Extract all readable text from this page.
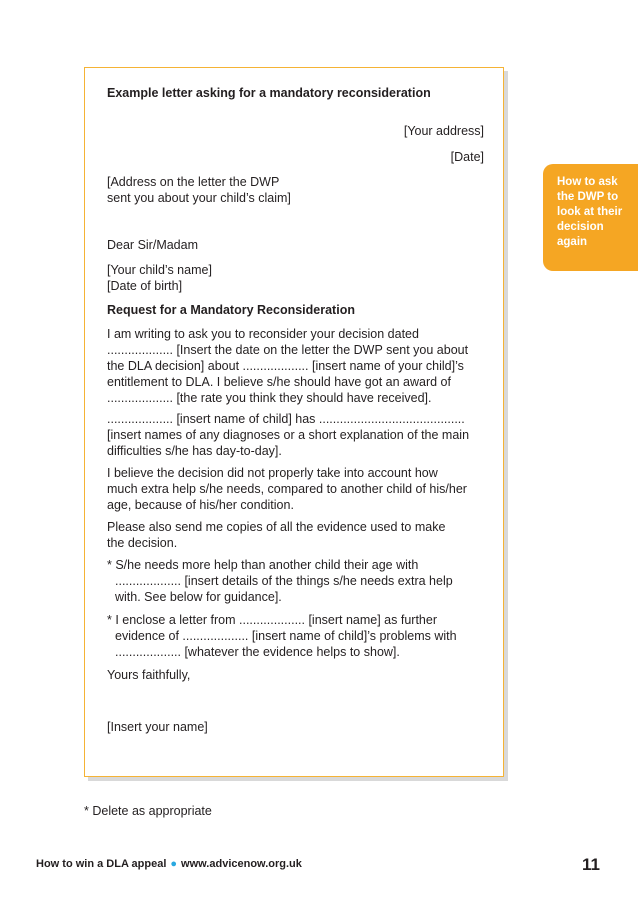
Example letter asking for a mandatory reconsideration
[Your address]
[Date]
[Address on the letter the DWP
sent you about your child’s claim]
Dear Sir/Madam
[Your child’s name]
[Date of birth]
Request for a Mandatory Reconsideration
I am writing to ask you to reconsider your decision dated
................... [Insert the date on the letter the DWP sent you about
the DLA decision] about ................... [insert name of your child]’s
entitlement to DLA. I believe s/he should have got an award of
................... [the rate you think they should have received].
................... [insert name of child] has ..........................................
[insert names of any diagnoses or a short explanation of the main
difficulties s/he has day-to-day].
I believe the decision did not properly take into account how
much extra help s/he needs, compared to another child of his/her
age, because of his/her condition.
Please also send me copies of all the evidence used to make
the decision.
* S/he needs more help than another child their age with
................... [insert details of the things s/he needs extra help
with. See below for guidance].
* I enclose a letter from ................... [insert name] as further
evidence of ................... [insert name of child]’s problems with
................... [whatever the evidence helps to show].
Yours faithfully,
[Insert your name]
How to ask
the DWP to
look at their
decision
again
* Delete as appropriate
How to win a DLA appeal ● www.advicenow.org.uk	11
